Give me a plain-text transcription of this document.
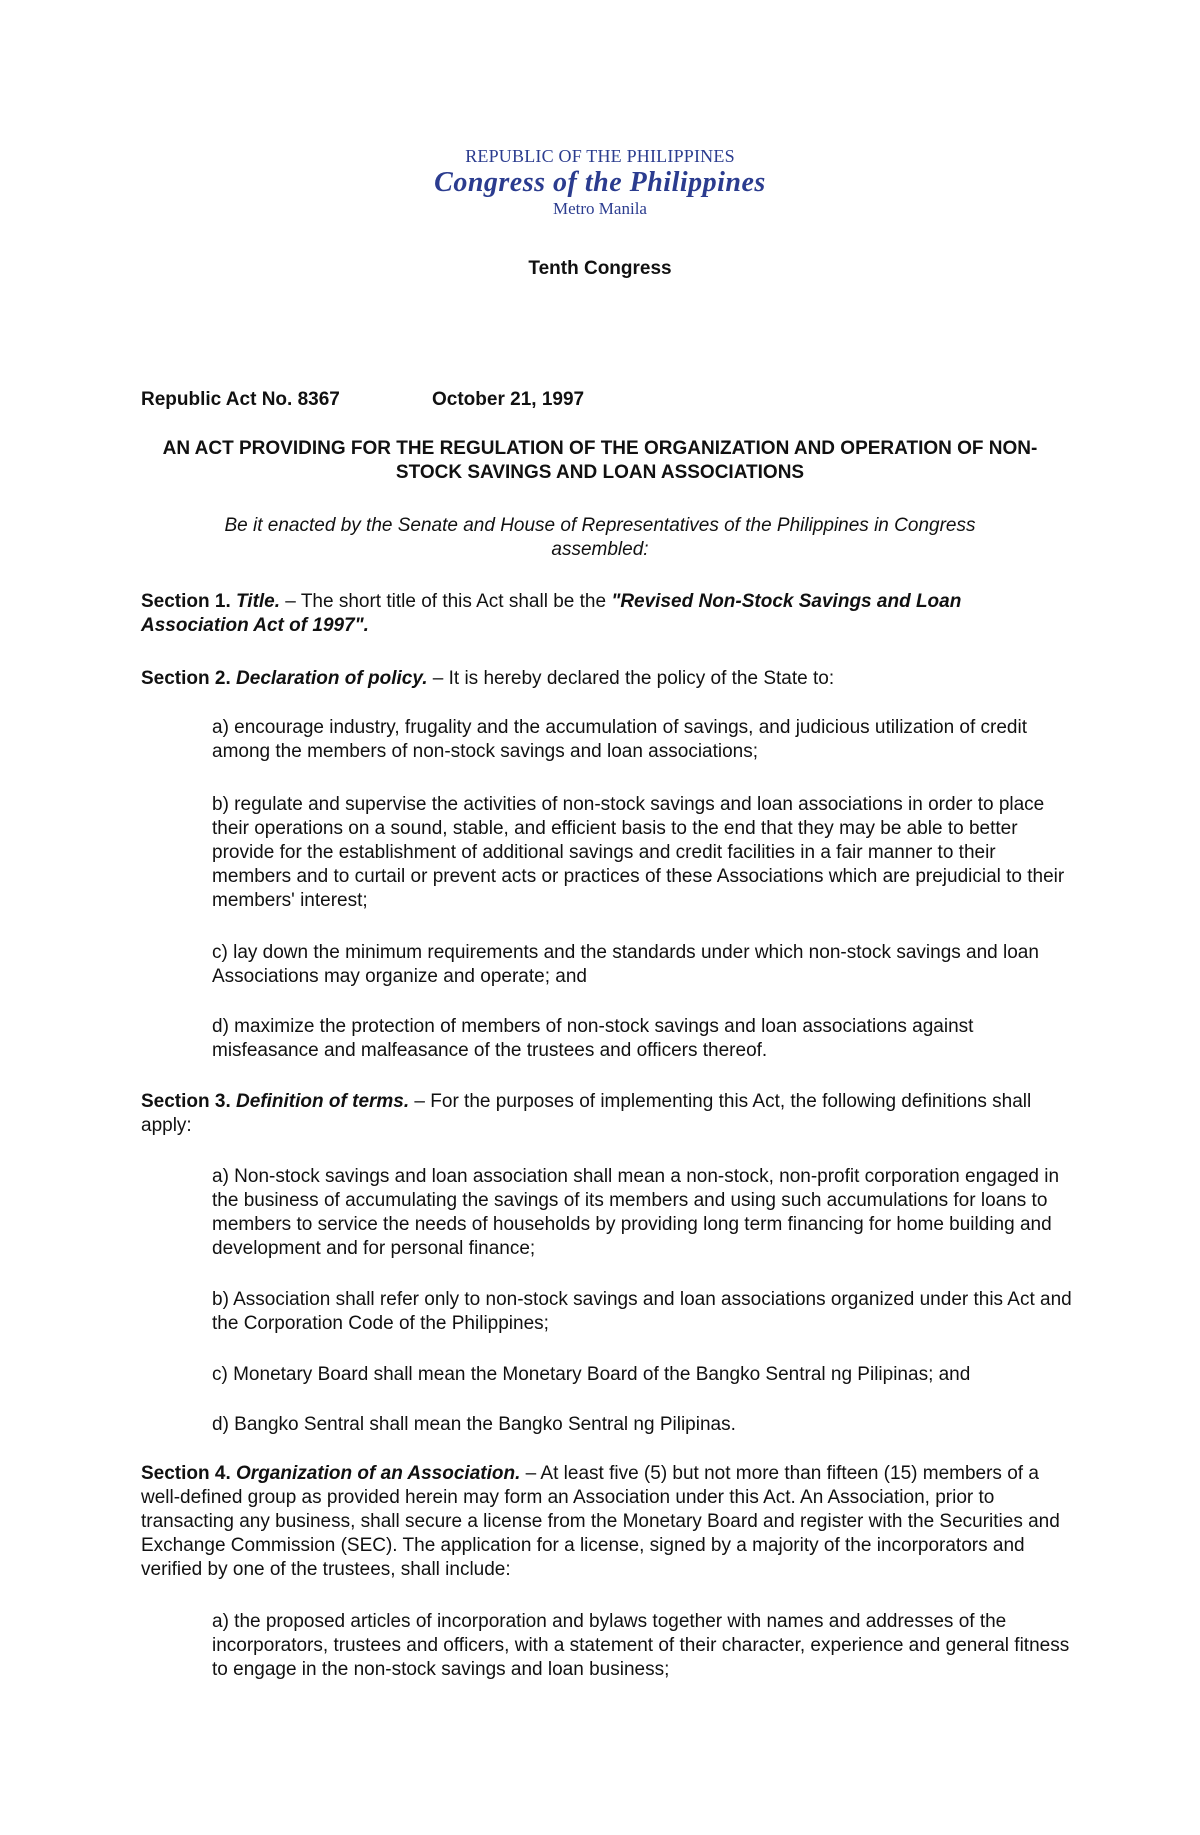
REPUBLIC OF THE PHILIPPINES
Congress of the Philippines
Metro Manila
Tenth Congress
Republic Act No. 8367	October 21, 1997
AN ACT PROVIDING FOR THE REGULATION OF THE ORGANIZATION AND OPERATION OF NON-STOCK SAVINGS AND LOAN ASSOCIATIONS
Be it enacted by the Senate and House of Representatives of the Philippines in Congress assembled:
Section 1. Title. – The short title of this Act shall be the "Revised Non-Stock Savings and Loan Association Act of 1997".
Section 2. Declaration of policy. – It is hereby declared the policy of the State to:
a) encourage industry, frugality and the accumulation of savings, and judicious utilization of credit among the members of non-stock savings and loan associations;
b) regulate and supervise the activities of non-stock savings and loan associations in order to place their operations on a sound, stable, and efficient basis to the end that they may be able to better provide for the establishment of additional savings and credit facilities in a fair manner to their members and to curtail or prevent acts or practices of these Associations which are prejudicial to their members' interest;
c) lay down the minimum requirements and the standards under which non-stock savings and loan Associations may organize and operate; and
d) maximize the protection of members of non-stock savings and loan associations against misfeasance and malfeasance of the trustees and officers thereof.
Section 3. Definition of terms. – For the purposes of implementing this Act, the following definitions shall apply:
a) Non-stock savings and loan association shall mean a non-stock, non-profit corporation engaged in the business of accumulating the savings of its members and using such accumulations for loans to members to service the needs of households by providing long term financing for home building and development and for personal finance;
b) Association shall refer only to non-stock savings and loan associations organized under this Act and the Corporation Code of the Philippines;
c) Monetary Board shall mean the Monetary Board of the Bangko Sentral ng Pilipinas; and
d) Bangko Sentral shall mean the Bangko Sentral ng Pilipinas.
Section 4. Organization of an Association. – At least five (5) but not more than fifteen (15) members of a well-defined group as provided herein may form an Association under this Act. An Association, prior to transacting any business, shall secure a license from the Monetary Board and register with the Securities and Exchange Commission (SEC). The application for a license, signed by a majority of the incorporators and verified by one of the trustees, shall include:
a) the proposed articles of incorporation and bylaws together with names and addresses of the incorporators, trustees and officers, with a statement of their character, experience and general fitness to engage in the non-stock savings and loan business;
